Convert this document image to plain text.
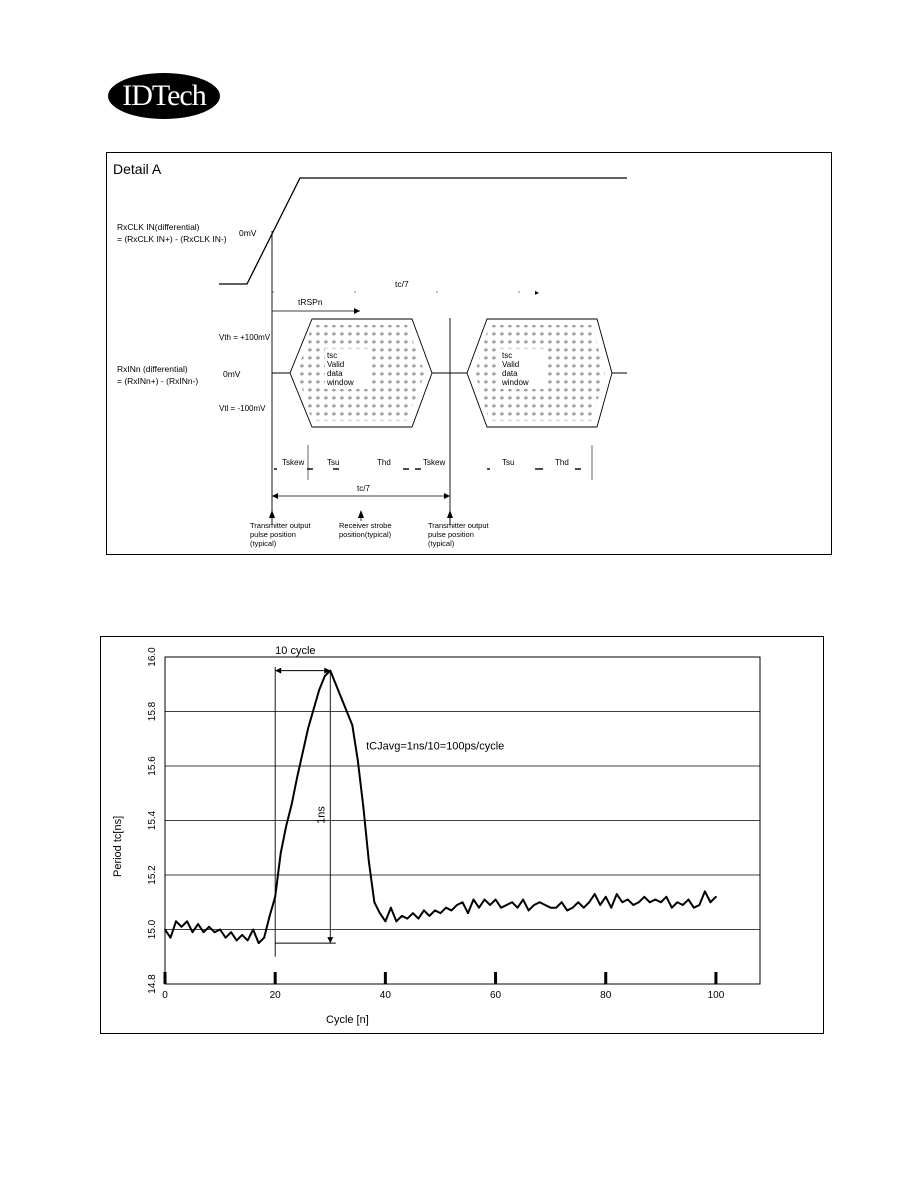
IDTech
Detail A
RxCLK IN(differential)
= (RxCLK IN+) - (RxCLK IN-)
0mV
tc/7
▸
tRSPn
Vth = +100mV
RxINn (differential)
= (RxINn+) - (RxINn-)
0mV
Vtl = -100mV
tsc
Valid
data
window
tsc
Valid
data
window
Tskew	Tsu	Thd	Tskew	Tsu	Thd
tc/7
Transmitter output
pulse position
(typical)
Receiver strobe
position(typical)
Transmitter output
pulse position
(typical)
14.8
15.0
15.2
15.4
15.6
15.8
16.0
0	20	40	60	80	100
10 cycle
1ns
tCJavg=1ns/10=100ps/cycle
Cycle [n]
Period tc[ns]
